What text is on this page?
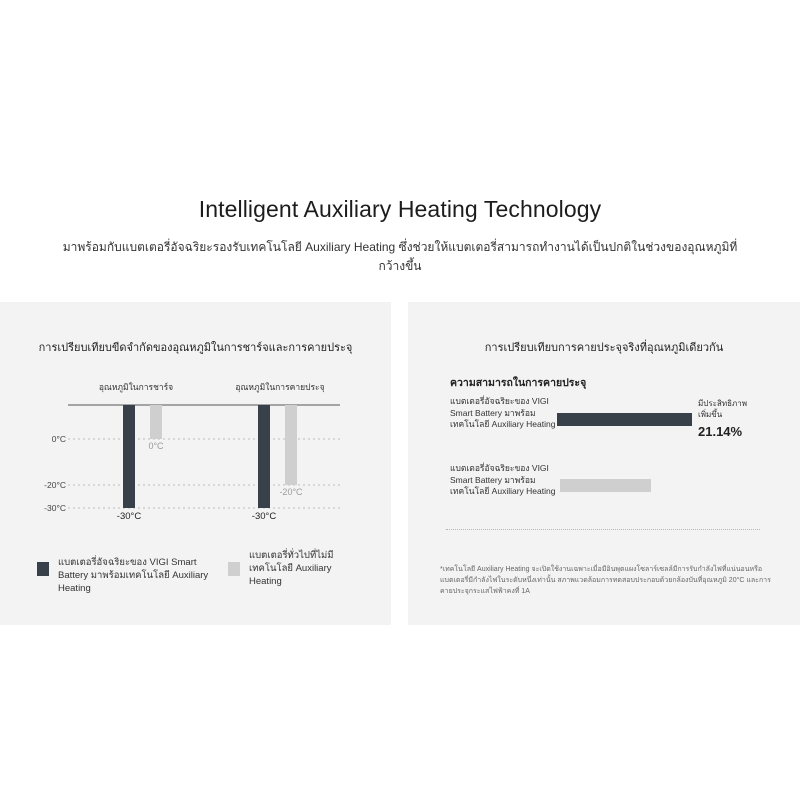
Intelligent Auxiliary Heating Technology
มาพร้อมกับแบตเตอรี่อัจฉริยะรองรับเทคโนโลยี Auxiliary Heating ซึ่งช่วยให้แบตเตอรี่สามารถทำงานได้เป็นปกติในช่วงของอุณหภูมิที่กว้างขึ้น
การเปรียบเทียบขีดจำกัดของอุณหภูมิในการชาร์จและการคายประจุ
0°C
-20°C
-30°C
อุณหภูมิในการชาร์จ
-30°C
0°C
อุณหภูมิในการคายประจุ
-30°C
-20°C
แบตเตอรี่อัจฉริยะของ VIGI Smart Battery มาพร้อมเทคโนโลยี Auxiliary Heating
แบตเตอรี่ทั่วไปที่ไม่มีเทคโนโลยี Auxiliary Heating
การเปรียบเทียบการคายประจุจริงที่อุณหภูมิเดียวกัน
ความสามารถในการคายประจุ
แบตเตอรี่อัจฉริยะของ VIGI Smart Battery มาพร้อมเทคโนโลยี Auxiliary Heating
มีประสิทธิภาพเพิ่มขึ้น
21.14%
แบตเตอรี่อัจฉริยะของ VIGI Smart Battery มาพร้อมเทคโนโลยี Auxiliary Heating
*เทคโนโลยี Auxiliary Heating จะเปิดใช้งานเฉพาะเมื่อมีอินพุตแผงโซลาร์เซลล์มีการรับกำลังไฟที่แน่นอนหรือแบตเตอรี่มีกำลังไฟในระดับหนึ่งเท่านั้น สภาพแวดล้อมการทดสอบประกอบด้วยกล้องบันที่อุณหภูมิ 20°C และการคายประจุกระแสไฟฟ้าคงที่ 1A
